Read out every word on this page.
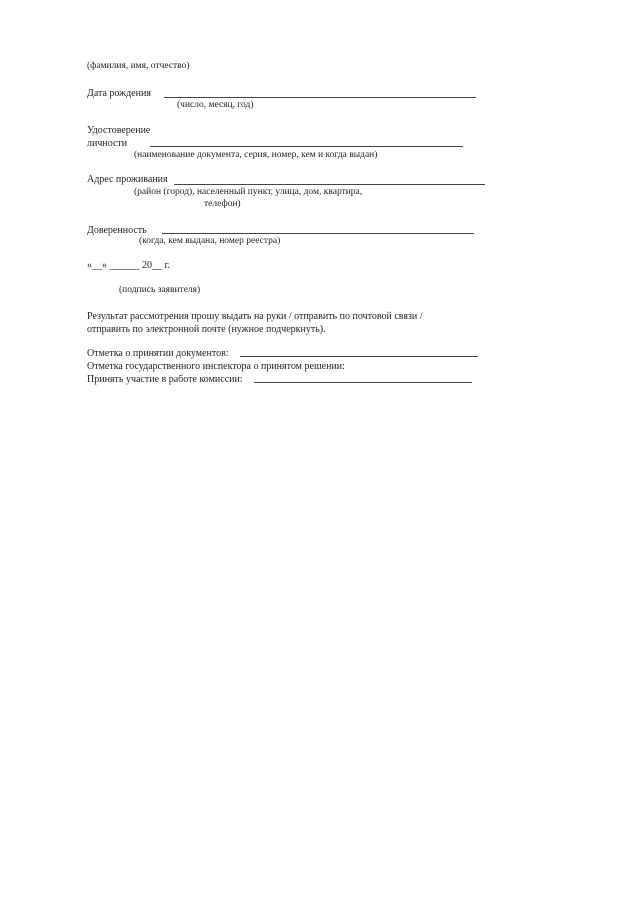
(фамилия, имя, отчество)
Дата рождения
(число, месяц, год)
Удостоверение
личности
(наименование документа, серия, номер, кем и когда выдан)
Адрес проживания
(район (город), населенный пункт, улица, дом, квартира,
телефон)
Доверенность
(когда, кем выдана, номер реестра)
«__» ______ 20__ г.
(подпись заявителя)
Результат рассмотрения прошу выдать на руки / отправить по почтовой связи /
отправить по электронной почте (нужное подчеркнуть).
Отметка о принятии документов:
Отметка государственного инспектора о принятом решении:
Принять участие в работе комиссии:
